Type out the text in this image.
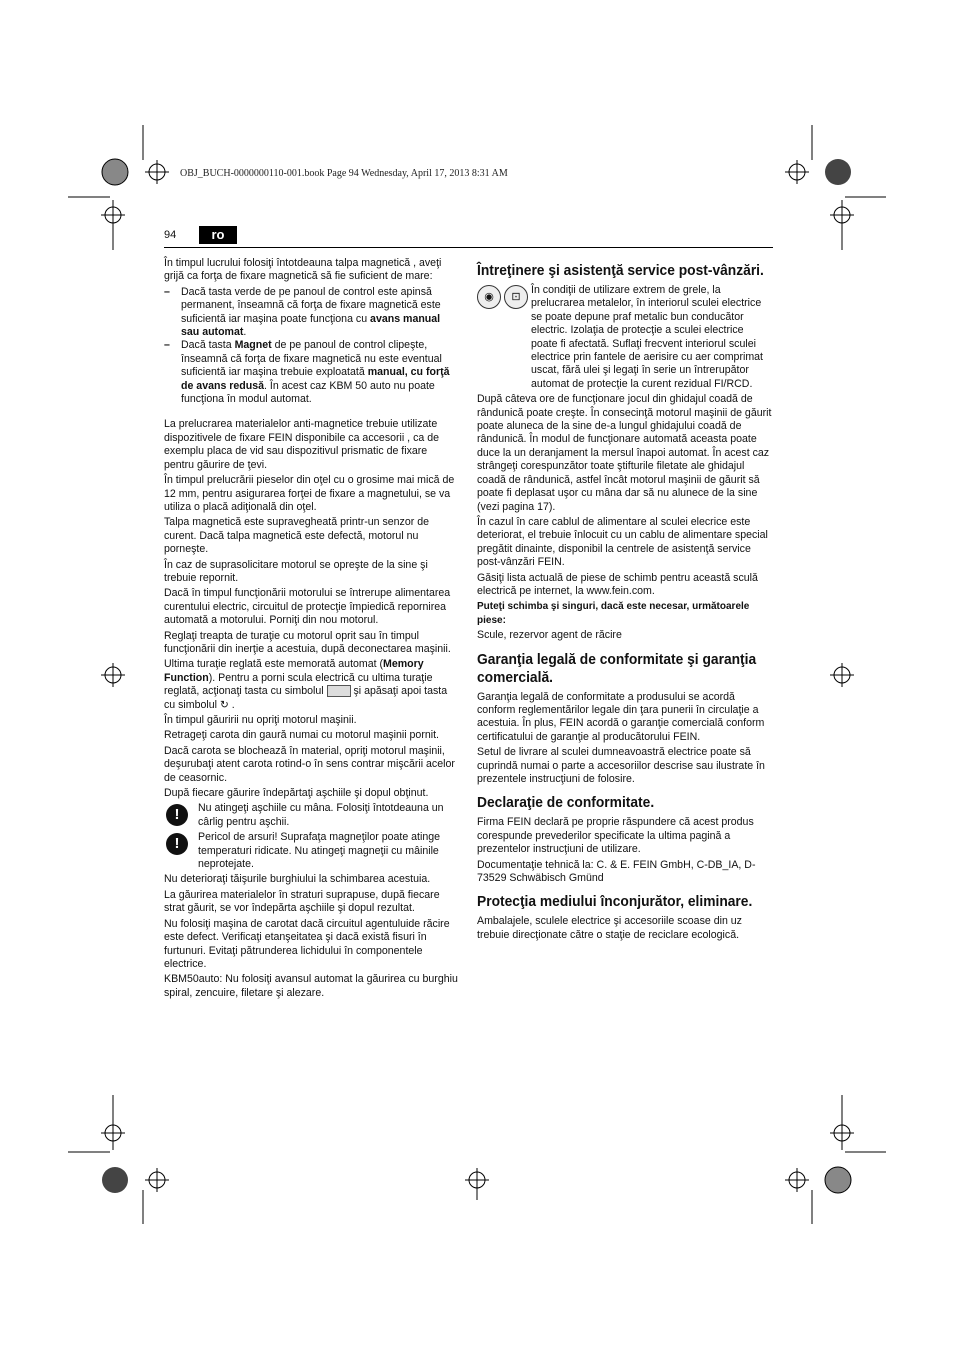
OBJ_BUCH-0000000110-001.book Page 94 Wednesday, April 17, 2013 8:31 AM
94	ro

În timpul lucrului folosiţi întotdeauna talpa magnetică , aveţi grijă ca forţa de fixare magnetică să fie suficient de mare:

–	Dacă tasta verde de pe panoul de control este apinsă permanent, înseamnă că forţa de fixare magnetică este suficientă iar maşina poate funcţiona cu avans manual sau automat.
–	Dacă tasta Magnet de pe panoul de control clipeşte, înseamnă că forţa de fixare magnetică nu este eventual suficientă iar maşina trebuie exploatată manual, cu forţă de avans redusă. În acest caz KBM 50 auto nu poate funcţiona în modul automat.

La prelucrarea materialelor anti-magnetice trebuie utilizate dispozitivele de fixare FEIN disponibile ca accesorii , ca de exemplu placa de vid sau dispozitivul prismatic de fixare pentru găurire de ţevi.

În timpul prelucrării pieselor din oţel cu o grosime mai mică de 12 mm, pentru asigurarea forţei de fixare a magnetului, se va utiliza o placă adiţională din oţel.

Talpa magnetică este supravegheată printr-un senzor de curent. Dacă talpa magnetică este defectă, motorul nu porneşte.

În caz de suprasolicitare motorul se opreşte de la sine şi trebuie repornit.

Dacă în timpul funcţionării motorului se întrerupe alimentarea curentului electric, circuitul de protecţie împiedică repornirea automată a motorului. Porniţi din nou motorul.

Reglaţi treapta de turaţie cu motorul oprit sau în timpul funcţionării din inerţie a acestuia, după deconectarea maşinii.

Ultima turaţie reglată este memorată automat (Memory Function). Pentru a porni scula electrică cu ultima turaţie reglată, acţionaţi tasta cu simbolul  şi apăsaţi apoi tasta cu simbolul ↻ .

În timpul găuririi nu opriţi motorul maşinii.

Retrageţi carota din gaură numai cu motorul maşinii pornit.

Dacă carota se blochează în material, opriţi motorul maşinii, deşurubaţi atent carota rotind-o în sens contrar mişcării acelor de ceasornic.

După fiecare găurire îndepărtaţi aşchiile şi dopul obţinut.

!	Nu atingeţi aşchiile cu mâna. Folosiţi întotdeauna un cârlig pentru aşchii.
!	Pericol de arsuri! Suprafaţa magneţilor poate atinge temperaturi ridicate. Nu atingeţi magneţii cu mâinile neprotejate.

Nu deterioraţi tăişurile burghiului la schimbarea acestuia.

La găurirea materialelor în straturi suprapuse, după fiecare strat găurit, se vor îndepărta aşchiile şi dopul rezultat.

Nu folosiţi maşina de carotat dacă circuitul agentuluide răcire este defect. Verificaţi etanşeitatea şi dacă există fisuri în furtunuri. Evitaţi pătrunderea lichidului în componentele electrice.

KBM50auto: Nu folosiţi avansul automat la găurirea cu burghiu spiral, zencuire, filetare şi alezare.

Întreţinere şi asistenţă service post-vânzări.
◉	⊡

În condiţii de utilizare extrem de grele, la prelucrarea metalelor, în interiorul sculei electrice se poate depune praf metalic bun conducător electric. Izolaţia de protecţie a sculei electrice poate fi afectată. Suflaţi frecvent interiorul sculei electrice prin fantele de aerisire cu aer comprimat uscat, fără ulei şi legaţi în serie un întrerupător automat de protecţie la curent rezidual FI/RCD.

După câteva ore de funcţionare jocul din ghidajul coadă de rândunică poate creşte. În consecinţă motorul maşinii de găurit poate aluneca de la sine de-a lungul ghidajului coadă de rândunică. În modul de funcţionare automată aceasta poate duce la un deranjament la mersul înapoi automat. În acest caz strângeţi corespunzător toate ştifturile filetate ale ghidajul coadă de rândunică, astfel încât motorul maşinii de găurit să poate fi deplasat uşor cu mâna dar să nu alunece de la sine (vezi pagina 17).

În cazul în care cablul de alimentare al sculei elecrice este deteriorat, el trebuie înlocuit cu un cablu de alimentare special pregătit dinainte, disponibil la centrele de asistenţă service post-vânzări FEIN.

Găsiţi lista actuală de piese de schimb pentru această sculă electrică pe internet, la www.fein.com.

Puteţi schimba şi singuri, dacă este necesar, următoarele piese:

Scule, rezervor agent de răcire

Garanţia legală de conformitate şi garanţia comercială.

Garanţia legală de conformitate a produsului se acordă conform reglementărilor legale din ţara punerii în circulaţie a acestuia. În plus, FEIN acordă o garanţie comercială conform certificatului de garanţie al producătorului FEIN.

Setul de livrare al sculei dumneavoastră electrice poate să cuprindă numai o parte a accesoriilor descrise sau ilustrate în prezentele instrucţiuni de folosire.

Declaraţie de conformitate.

Firma FEIN declară pe proprie răspundere că acest produs corespunde prevederilor specificate la ultima pagină a prezentelor instrucţiuni de utilizare.

Documentaţie tehnică la: C. & E. FEIN GmbH, C-DB_IA, D-73529 Schwäbisch Gmünd

Protecţia mediului înconjurător, eliminare.

Ambalajele, sculele electrice şi accesoriile scoase din uz trebuie direcţionate către o staţie de reciclare ecologică.
